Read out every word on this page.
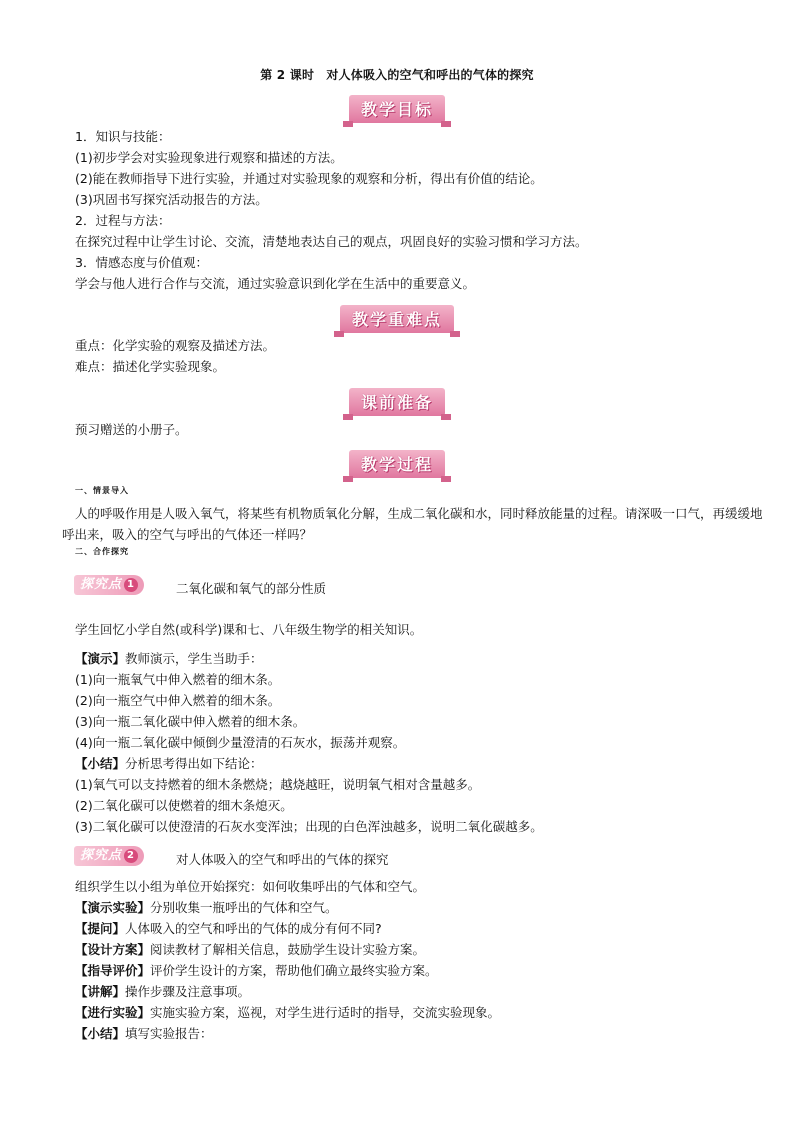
第 2 课时　对人体吸入的空气和呼出的气体的探究
教学目标
1．知识与技能：
(1)初步学会对实验现象进行观察和描述的方法。
(2)能在教师指导下进行实验，并通过对实验现象的观察和分析，得出有价值的结论。
(3)巩固书写探究活动报告的方法。
2．过程与方法：
在探究过程中让学生讨论、交流，清楚地表达自己的观点，巩固良好的实验习惯和学习方法。
3．情感态度与价值观：
学会与他人进行合作与交流，通过实验意识到化学在生活中的重要意义。
教学重难点
重点：化学实验的观察及描述方法。
难点：描述化学实验现象。
课前准备
预习赠送的小册子。
教学过程
一、情景导入
人的呼吸作用是人吸入氧气，将某些有机物质氧化分解，生成二氧化碳和水，同时释放能量的过程。请深吸一口气，再缓缓地呼出来，吸入的空气与呼出的气体还一样吗？
二、合作探究
探究点 1	二氧化碳和氧气的部分性质
学生回忆小学自然(或科学)课和七、八年级生物学的相关知识。
【演示】教师演示，学生当助手：
(1)向一瓶氧气中伸入燃着的细木条。
(2)向一瓶空气中伸入燃着的细木条。
(3)向一瓶二氧化碳中伸入燃着的细木条。
(4)向一瓶二氧化碳中倾倒少量澄清的石灰水，振荡并观察。
【小结】分析思考得出如下结论：
(1)氧气可以支持燃着的细木条燃烧；越烧越旺，说明氧气相对含量越多。
(2)二氧化碳可以使燃着的细木条熄灭。
(3)二氧化碳可以使澄清的石灰水变浑浊；出现的白色浑浊越多，说明二氧化碳越多。
探究点 2	对人体吸入的空气和呼出的气体的探究
组织学生以小组为单位开始探究：如何收集呼出的气体和空气。
【演示实验】分别收集一瓶呼出的气体和空气。
【提问】人体吸入的空气和呼出的气体的成分有何不同?
【设计方案】阅读教材了解相关信息，鼓励学生设计实验方案。
【指导评价】评价学生设计的方案，帮助他们确立最终实验方案。
【讲解】操作步骤及注意事项。
【进行实验】实施实验方案，巡视，对学生进行适时的指导，交流实验现象。
【小结】填写实验报告：
